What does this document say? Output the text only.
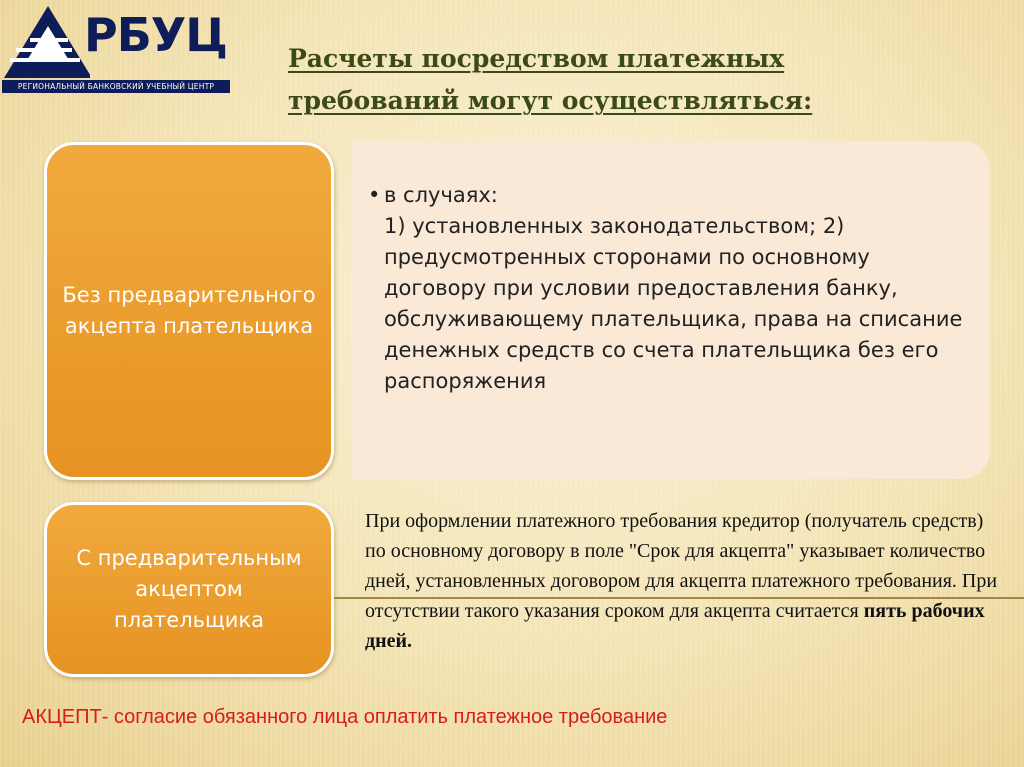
РБУЦ
РЕГИОНАЛЬНЫЙ БАНКОВСКИЙ УЧЕБНЫЙ ЦЕНТР
Расчеты посредством платежных
требований могут осуществляться:
Без предварительного акцепта плательщика
• в случаях:
1) установленных законодательством; 2) предусмотренных сторонами по основному договору при условии предоставления банку, обслуживающему плательщика, права на списание денежных средств со счета плательщика без его распоряжения
С предварительным акцептом плательщика
При оформлении платежного требования кредитор (получатель средств) по основному договору в поле "Срок для акцепта" указывает количество дней, установленных договором для акцепта платежного требования. При отсутствии такого указания сроком для акцепта считается пять рабочих дней.
АКЦЕПТ- согласие обязанного лица оплатить платежное требование
